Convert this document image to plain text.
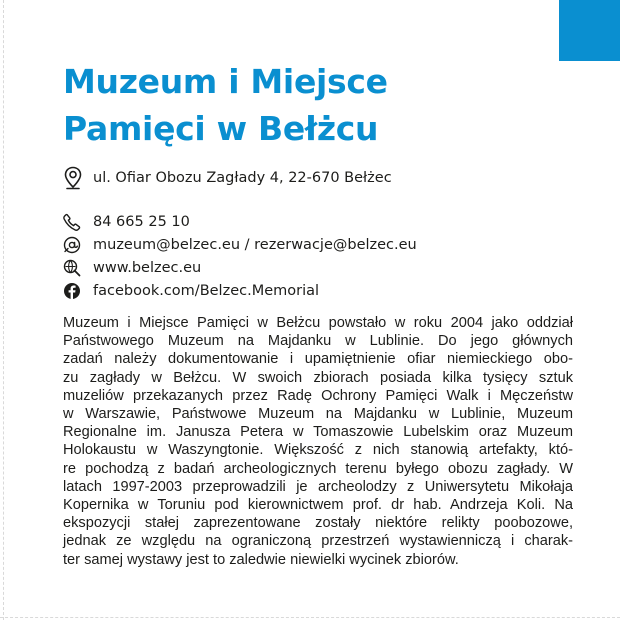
Muzeum i Miejsce
Pamięci w Bełżcu
ul. Ofiar Obozu Zagłady 4, 22-670 Bełżec
84 665 25 10
muzeum@belzec.eu / rezerwacje@belzec.eu
www.belzec.eu
facebook.com/Belzec.Memorial
Muzeum i Miejsce Pamięci w Bełżcu powstało w roku 2004 jako oddział
Państwowego Muzeum na Majdanku w Lublinie. Do jego głównych
zadań należy dokumentowanie i upamiętnienie ofiar niemieckiego obo-
zu zagłady w Bełżcu. W swoich zbiorach posiada kilka tysięcy sztuk
muzeliów przekazanych przez Radę Ochrony Pamięci Walk i Męczeństw
w Warszawie, Państwowe Muzeum na Majdanku w Lublinie, Muzeum
Regionalne im. Janusza Petera w Tomaszowie Lubelskim oraz Muzeum
Holokaustu w Waszyngtonie. Większość z nich stanowią artefakty, któ-
re pochodzą z badań archeologicznych terenu byłego obozu zagłady. W
latach 1997-2003 przeprowadzili je archeolodzy z Uniwersytetu Mikołaja
Kopernika w Toruniu pod kierownictwem prof. dr hab. Andrzeja Koli. Na
ekspozycji stałej zaprezentowane zostały niektóre relikty poobozowe,
jednak ze względu na ograniczoną przestrzeń wystawienniczą i charak-
ter samej wystawy jest to zaledwie niewielki wycinek zbiorów.
